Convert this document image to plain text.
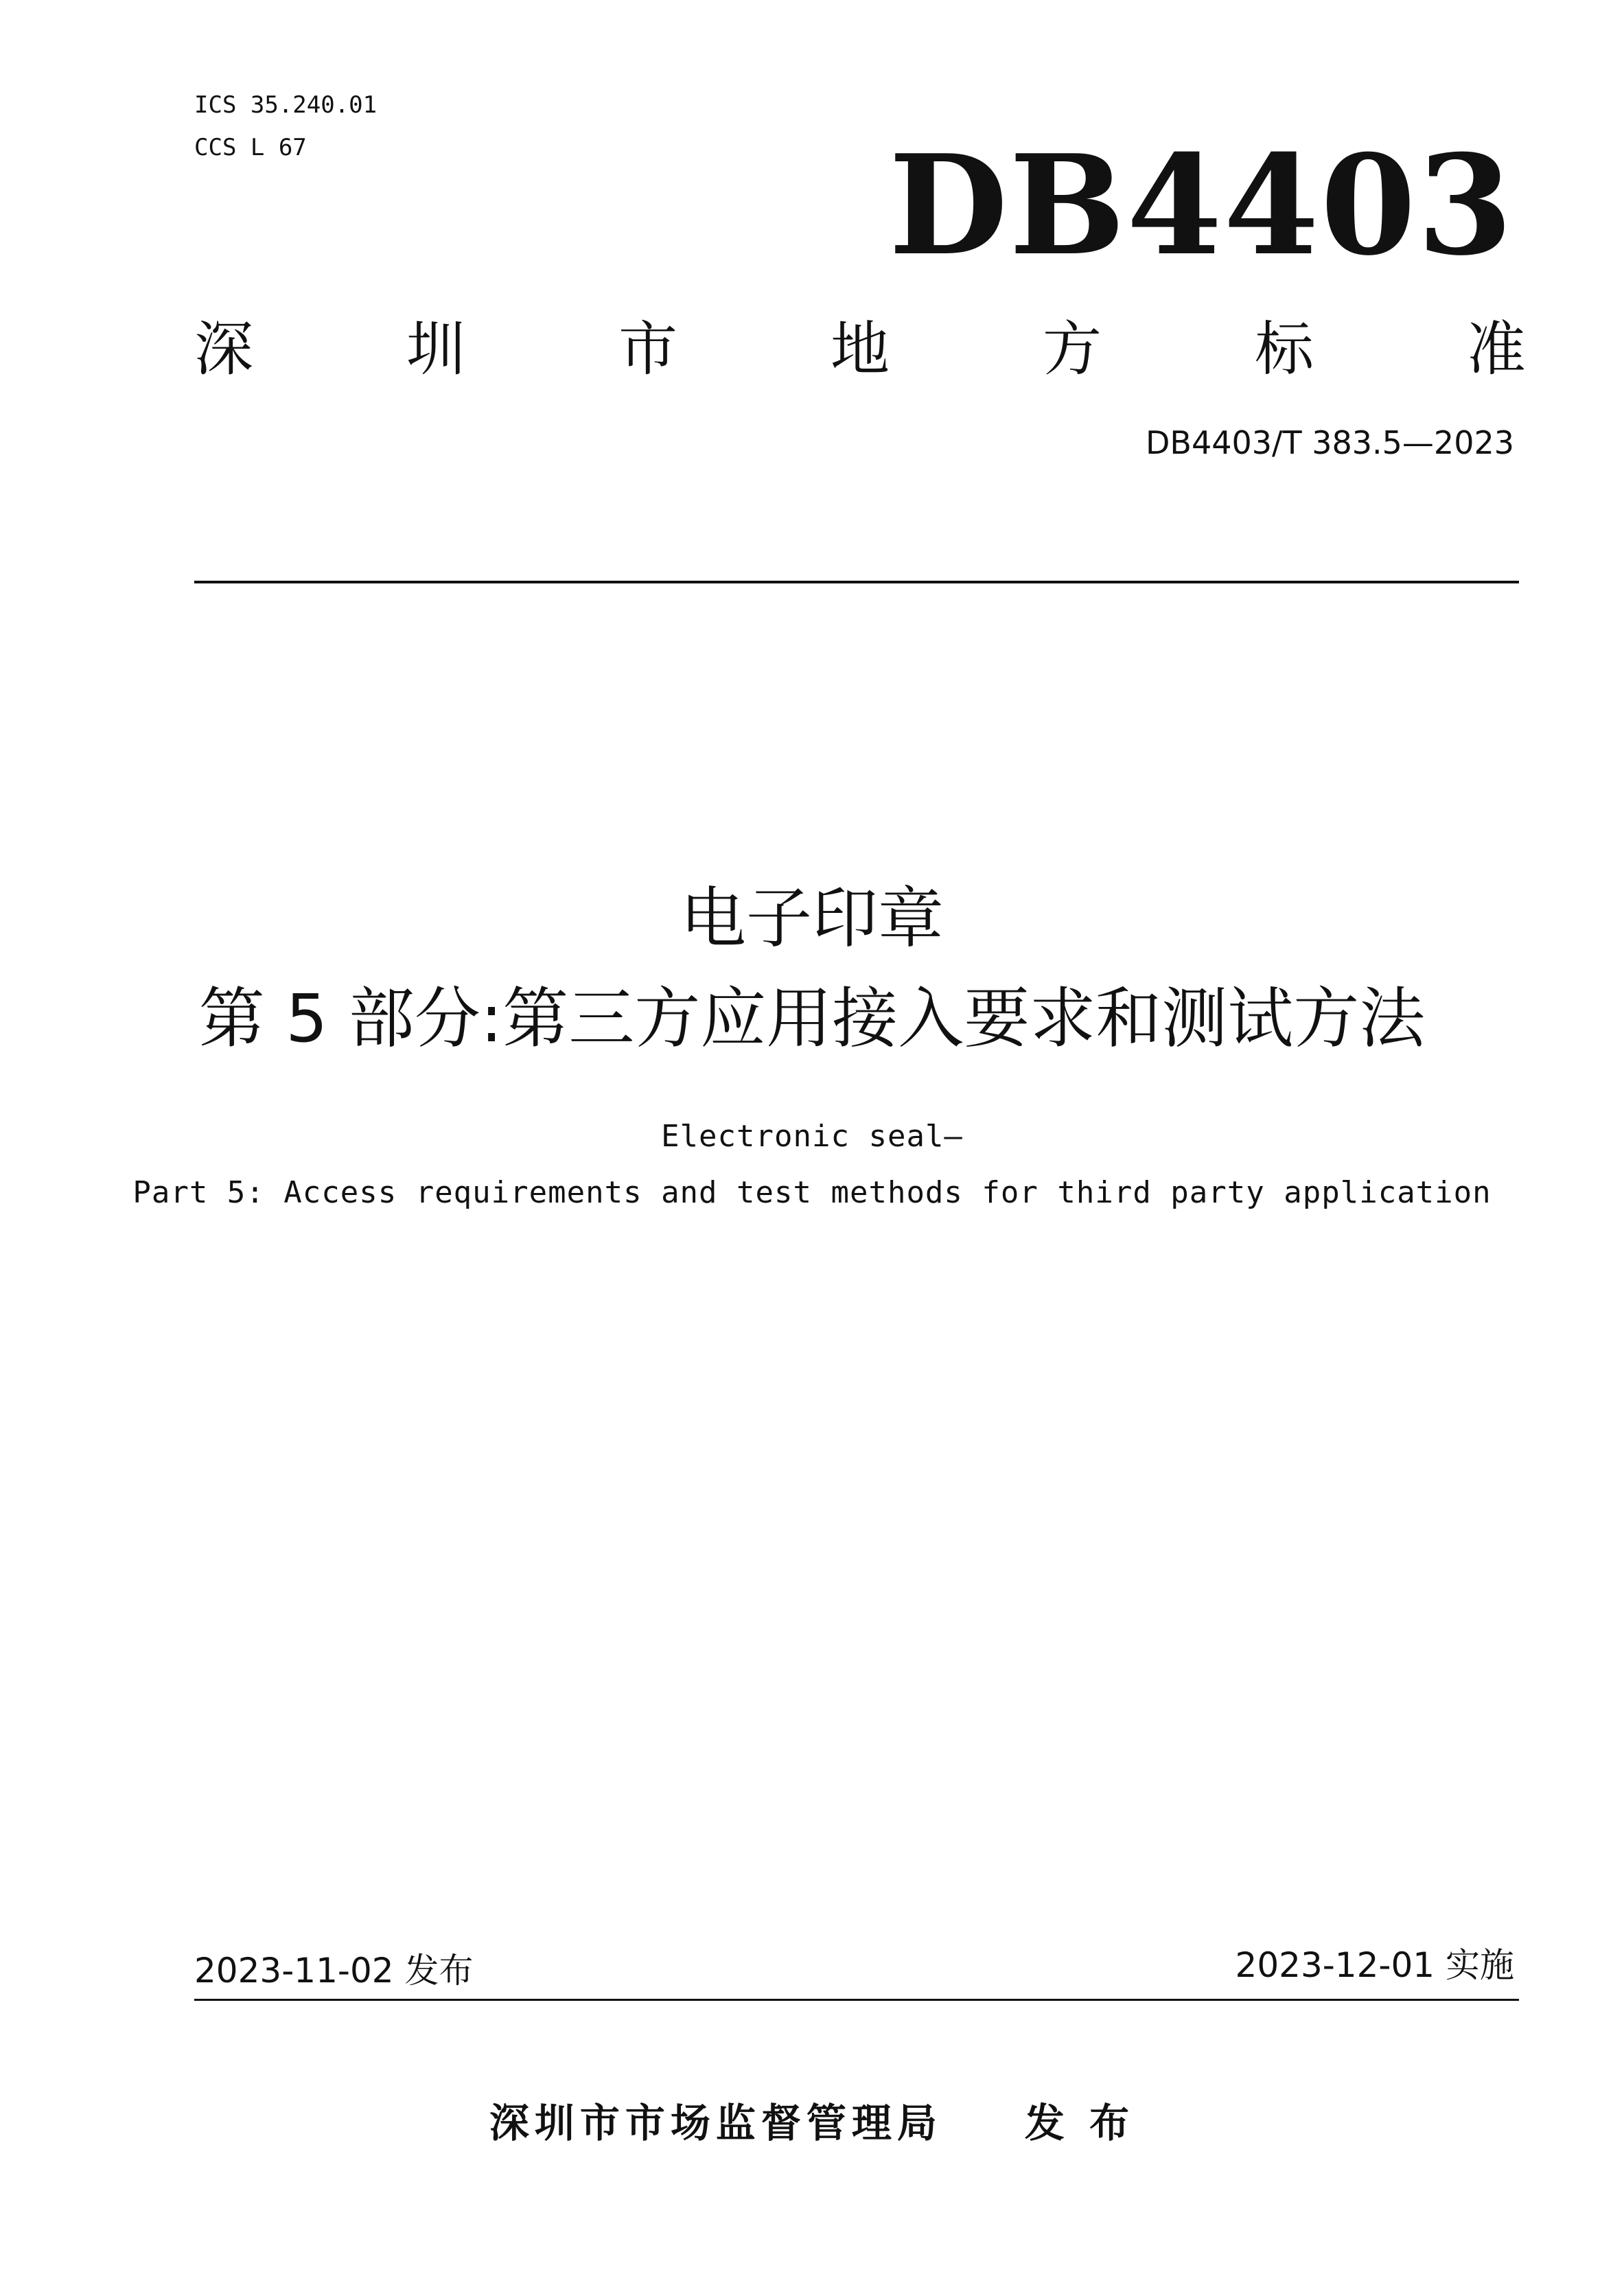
ICS 35.240.01
CCS L 67	DB4403
深	圳	市	地	方	标	准
DB4403/T 383.5—2023
电子印章
第 5 部分:第三方应用接入要求和测试方法
Electronic seal—
Part 5: Access requirements and test methods for third party application
2023-11-02 发布	2023-12-01 实施
深圳市市场监督管理局 发 布
